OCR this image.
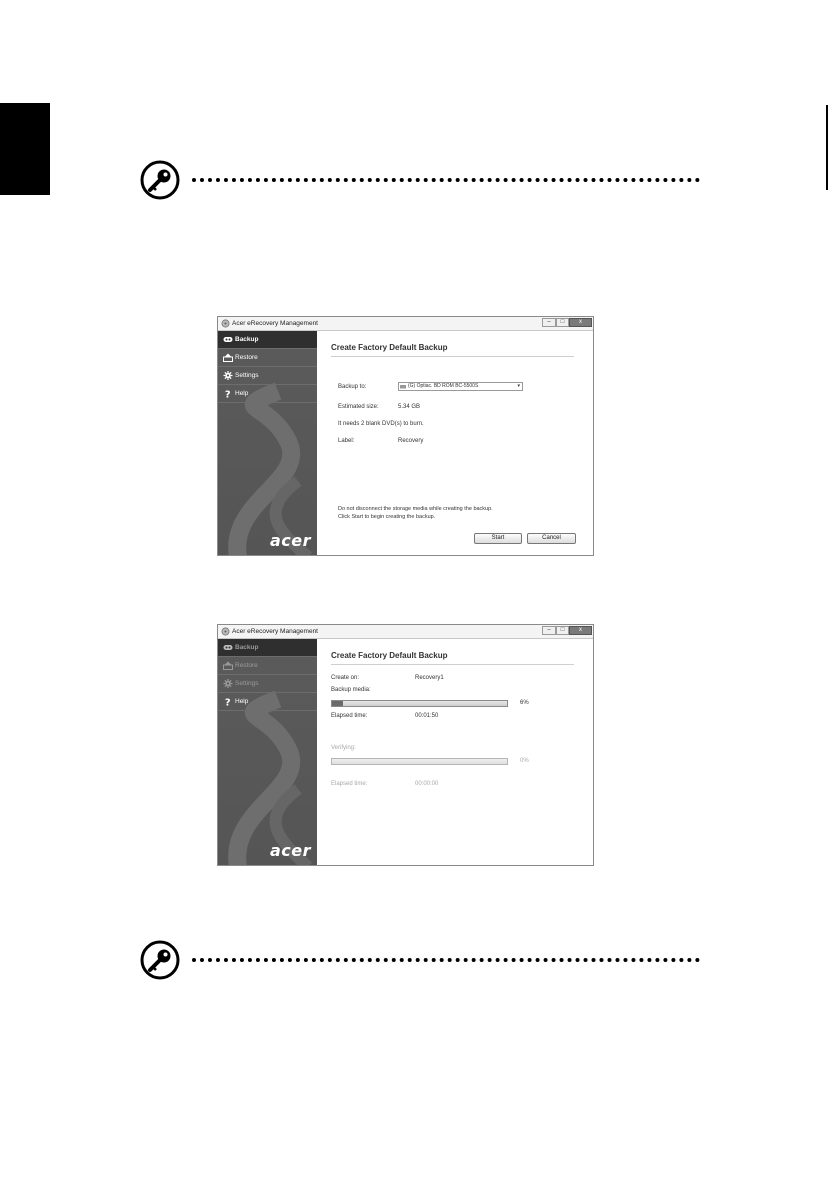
Acer eRecovery Management	–	□	x
Backup
Restore
Settings
? Help
acer
Create Factory Default Backup
Backup to:	(G) Optiac. BD ROM BC-5500S	▾
Estimated size:	5.34 GB
It needs 2 blank DVD(s) to burn.
Label:	Recovery
Do not disconnect the storage media while creating the backup.
Click Start to begin creating the backup.
Start	Cancel
Acer eRecovery Management	–	□	x
Backup
Restore
Settings
? Help
acer
Create Factory Default Backup
Create on:	Recovery1
Backup media:
6%
Elapsed time:	00:01:50
Verifying:
0%
Elapsed time:	00:00:00
